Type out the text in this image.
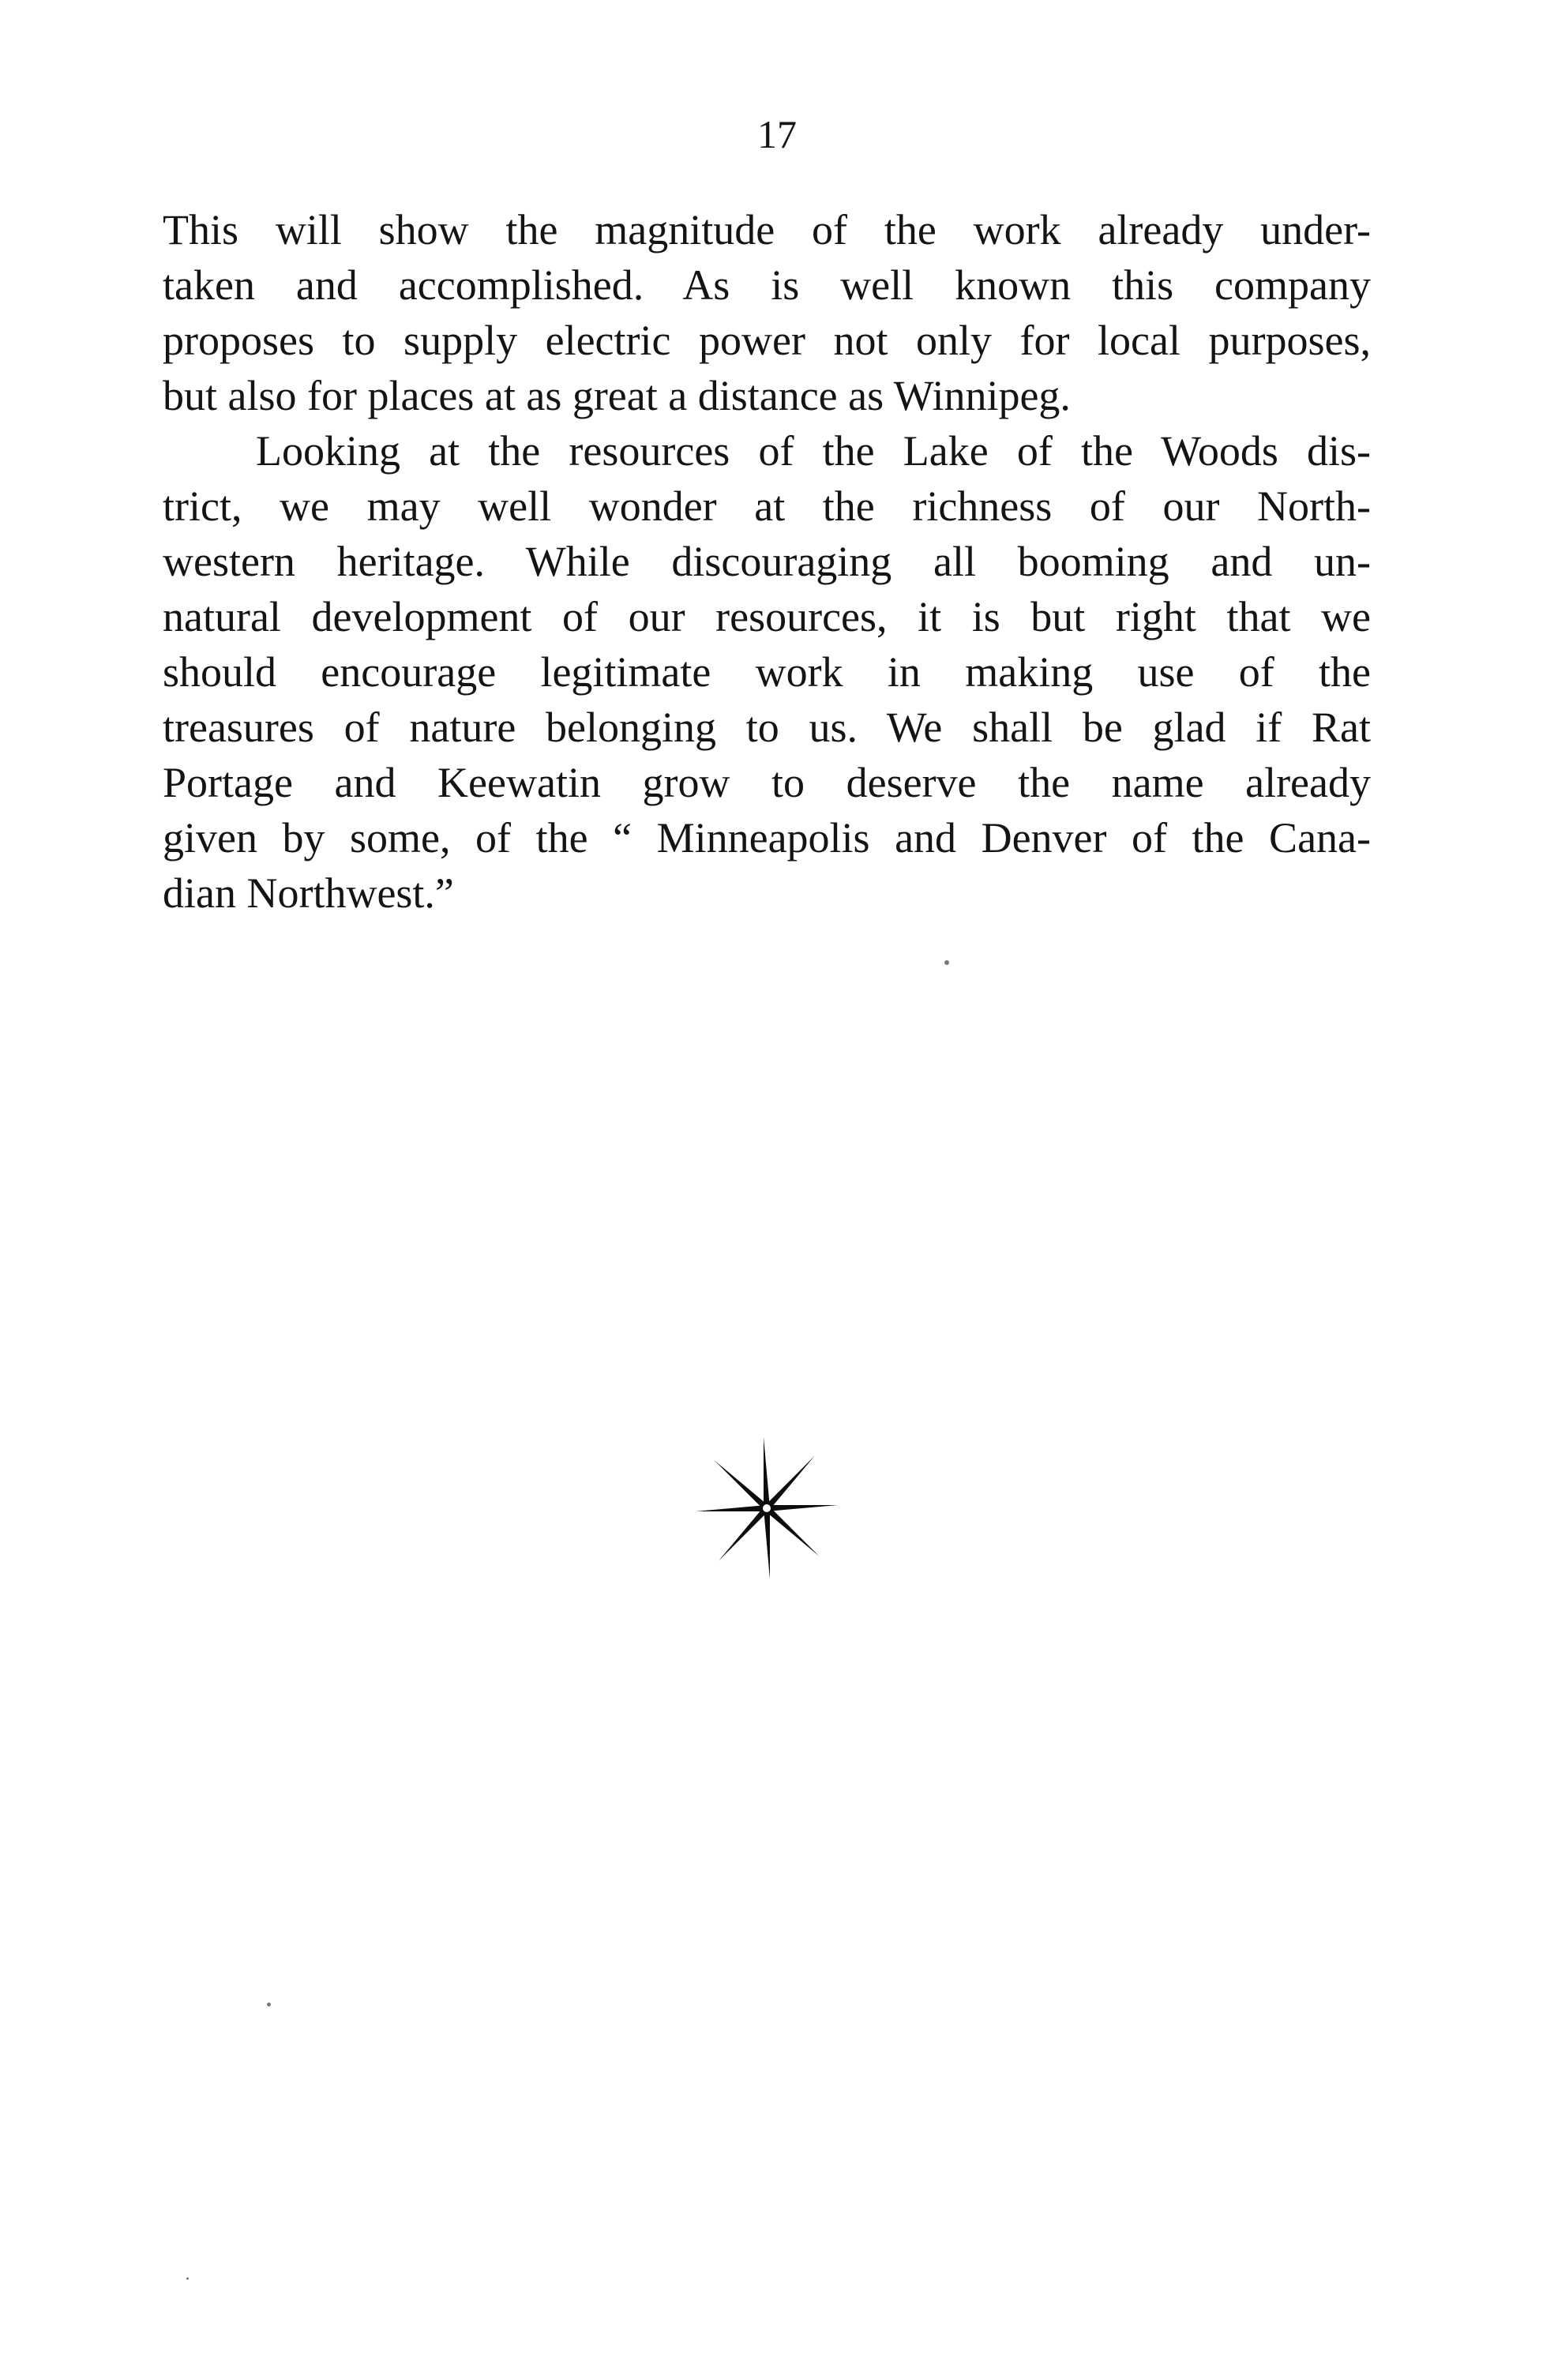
17
This will show the magnitude of the work already under-
taken and accomplished. As is well known this company
proposes to supply electric power not only for local purposes,
but also for places at as great a distance as Winnipeg.
Looking at the resources of the Lake of the Woods dis-
trict, we may well wonder at the richness of our North-
western heritage. While discouraging all booming and un-
natural development of our resources, it is but right that we
should encourage legitimate work in making use of the
treasures of nature belonging to us. We shall be glad if Rat
Portage and Keewatin grow to deserve the name already
given by some, of the “ Minneapolis and Denver of the Cana-
dian Northwest.”
